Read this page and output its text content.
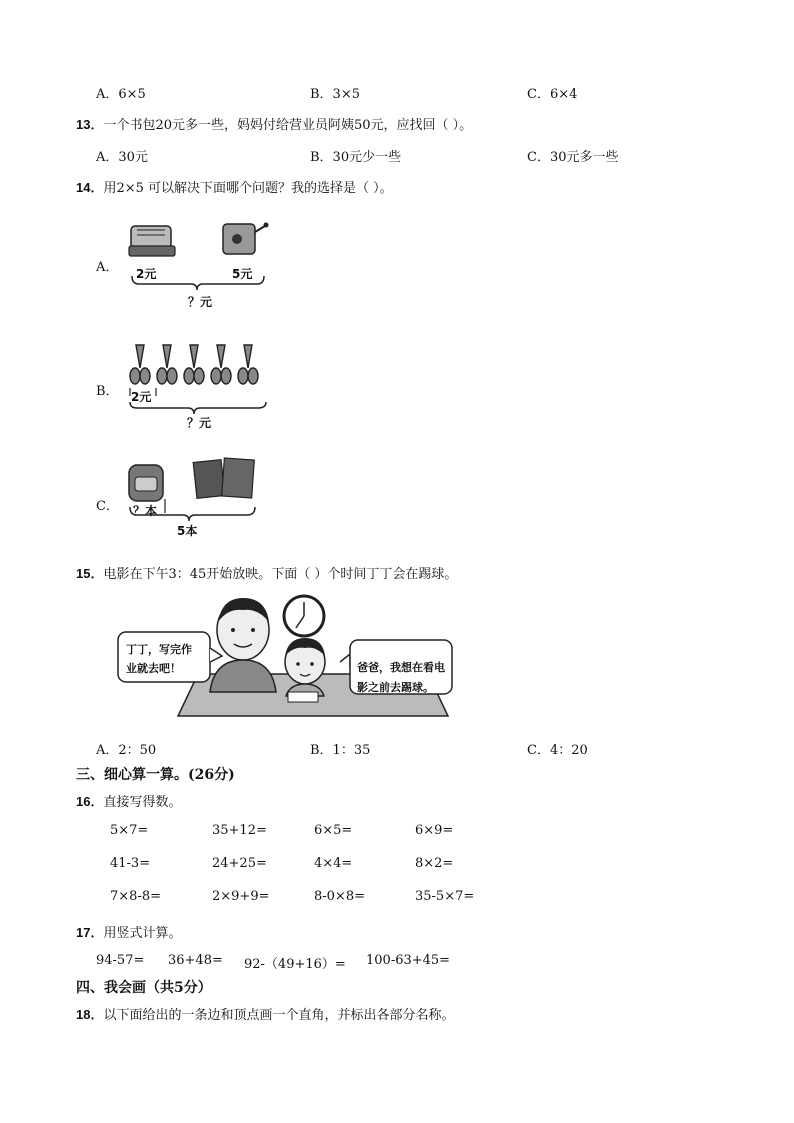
A．6×5	B．3×5	C．6×4
13．一个书包20元多一些，妈妈付给营业员阿姨50元，应找回（ ）。
A．30元	B．30元少一些	C．30元多一些
14．用2×5 可以解决下面哪个问题？我的选择是（ ）。
A． 2元	5元
？元
B． 2元
？元
C． ？本
5本
15．电影在下午3：45开始放映。下面（ ）个时间丁丁会在踢球。
丁丁，写完作
业就去吧！	爸爸，我想在看电
影之前去踢球。
A．2：50	B．1：35	C．4：20
三、细心算一算。(26分)
16．直接写得数。
5×7=	35+12=	6×5=	6×9=
41-3=	24+25=	4×4=	8×2=
7×8-8=	2×9+9=	8-0×8=	35-5×7=
17．用竖式计算。
94-57= 36+48= 92-（49+16）= 100-63+45=
四、我会画（共5分）
18．以下面给出的一条边和顶点画一个直角，并标出各部分名称。
